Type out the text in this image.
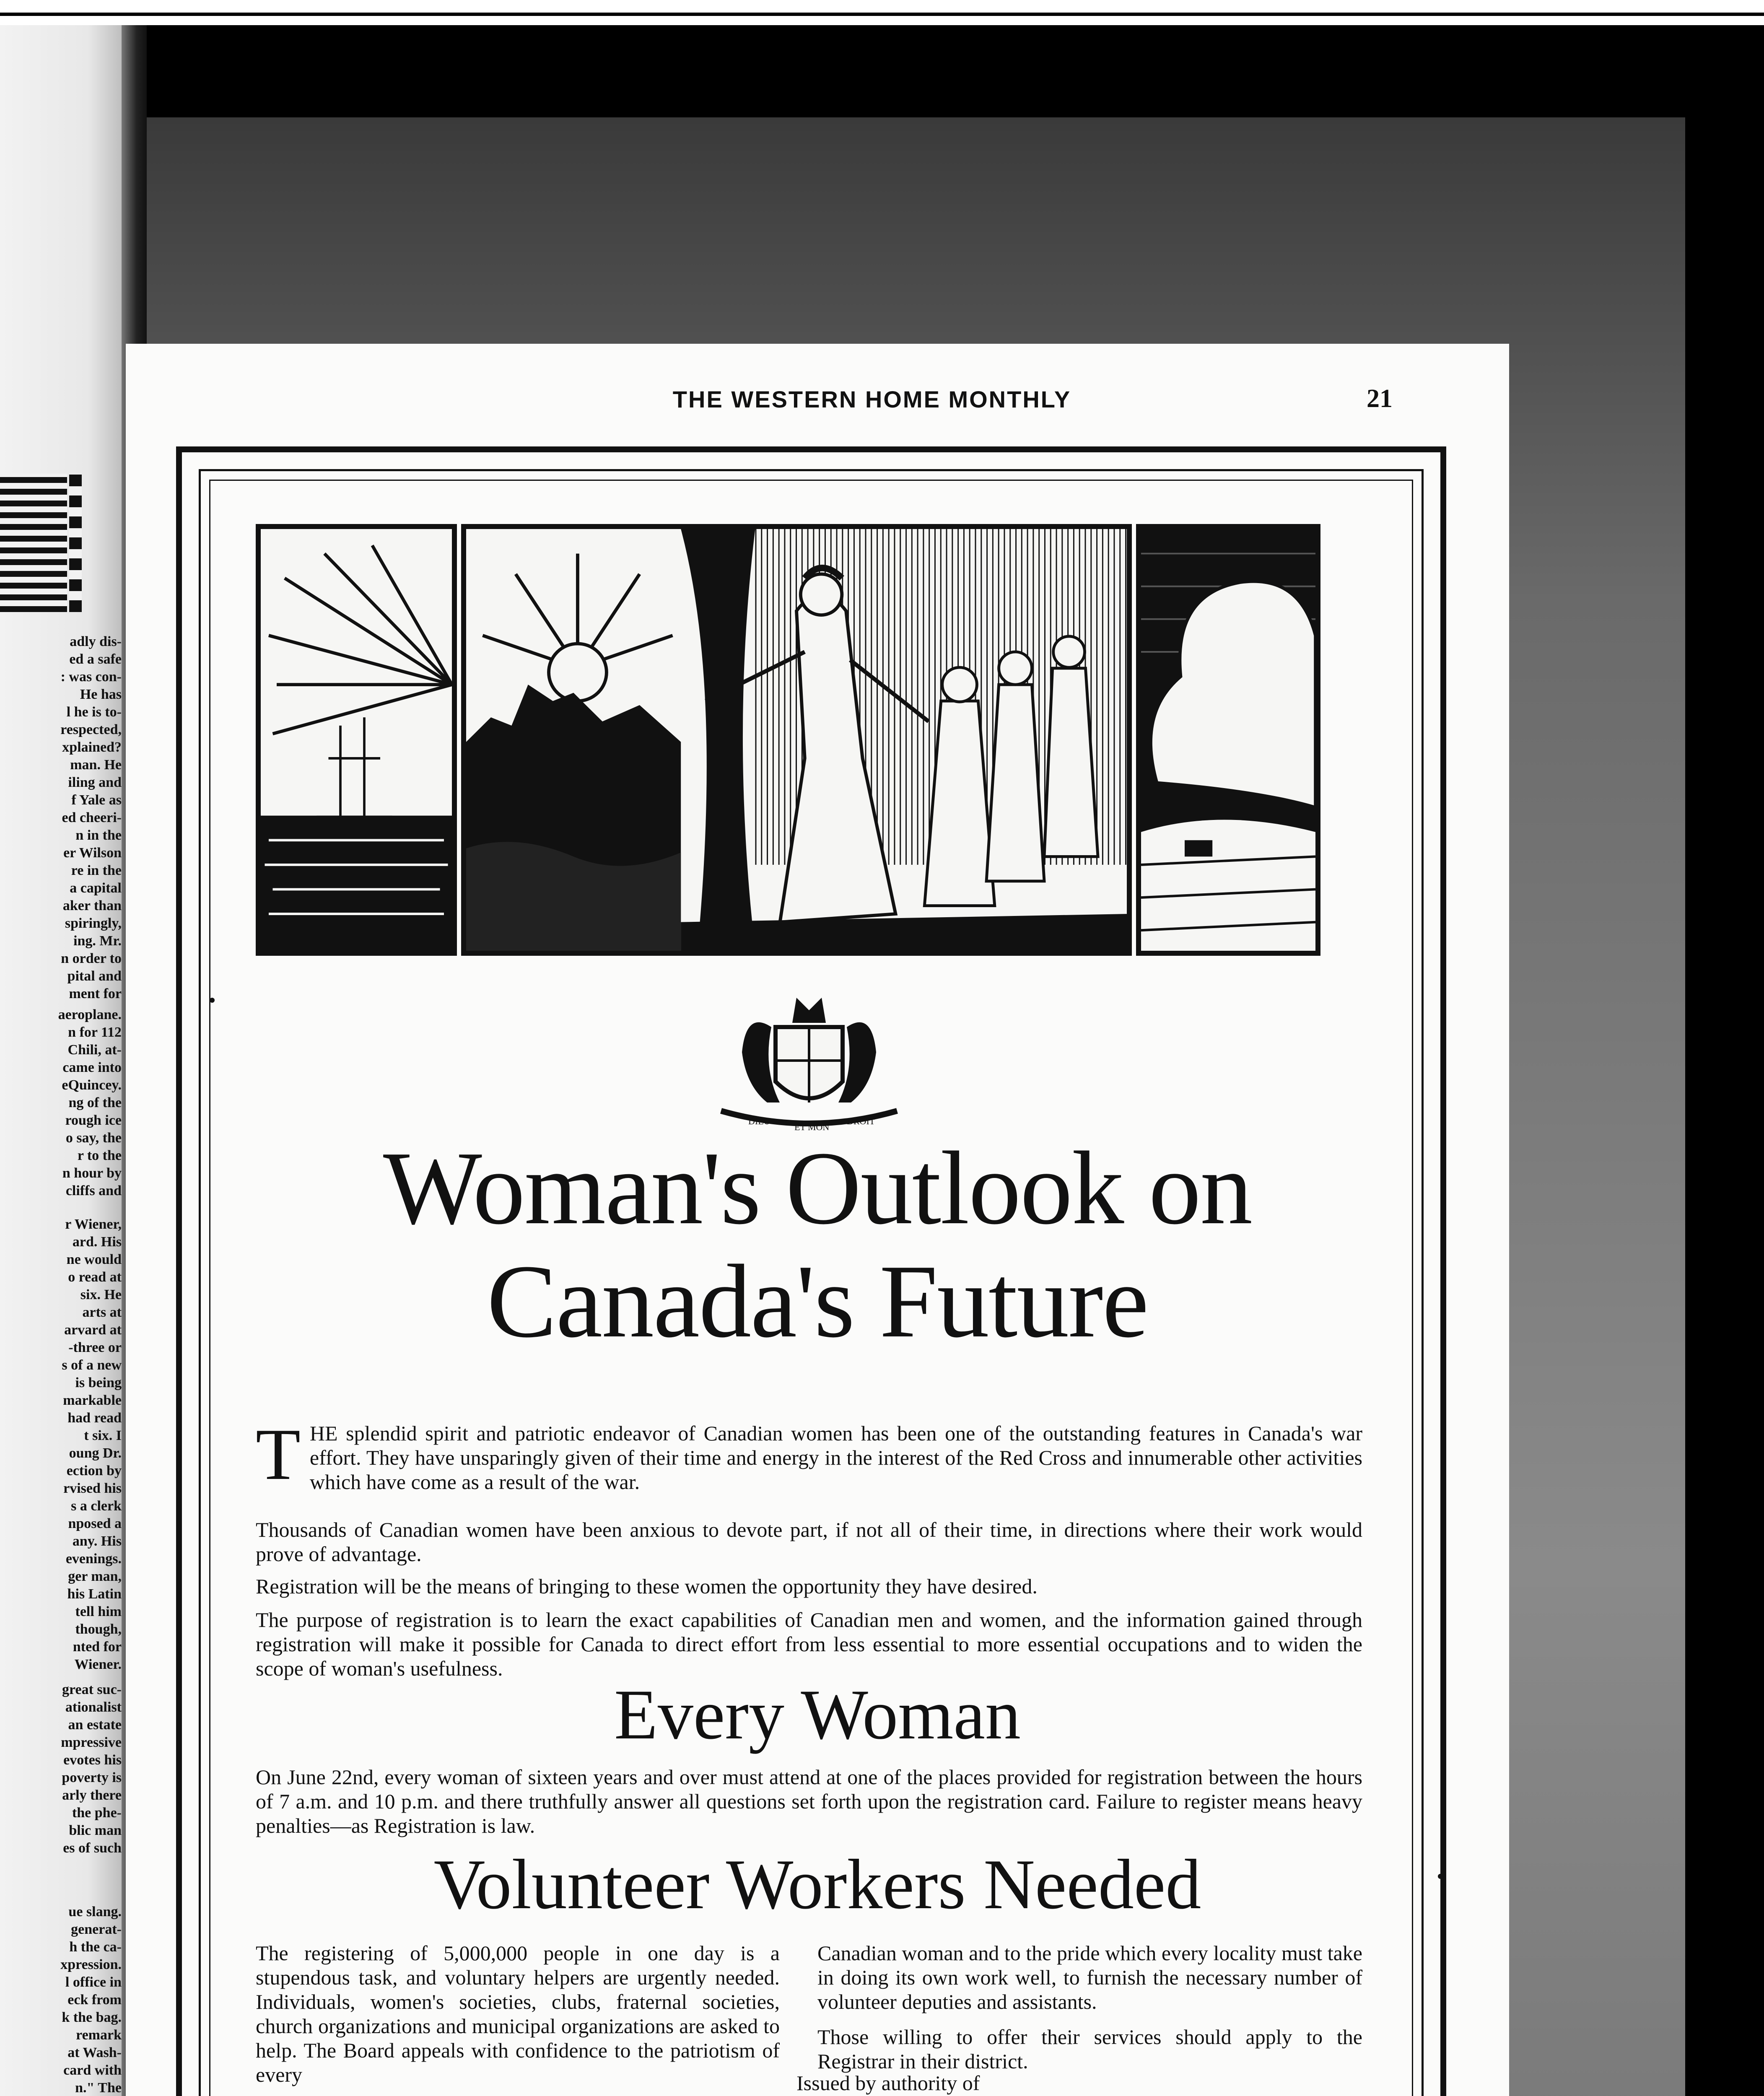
adly dis-
ed a safe
: was con-
He has
l he is to-
respected,
xplained?
man. He
iling and
f Yale as
ed cheeri-
n in the
er Wilson
re in the
a capital
aker than
spiringly,
ing. Mr.
n order to
pital and
ment for
aeroplane.
n for 112
Chili, at-
came into
eQuincey.
ng of the
rough ice
o say, the
r to the
n hour by
cliffs and
r Wiener,
ard. His
ne would
o read at
six. He
arts at
arvard at
-three or
s of a new
is being
markable
had read
t six. I
oung Dr.
ection by
rvised his
s a clerk
nposed a
any. His
evenings.
ger man,
his Latin
tell him
though,
nted for
Wiener.
great suc-
ationalist
an estate
mpressive
evotes his
poverty is
arly there
the phe-
blic man
es of such
ue slang.
generat-
h the ca-
xpression.
l office in
eck from
k the bag.
remark
at Wash-
card with
n." The

THE WESTERN HOME MONTHLY	21
DIEU
ET MON
DROIT
Woman's Outlook on
Canada's Future
T HE splendid spirit and patriotic endeavor of Canadian women has been one of the outstanding features in Canada's war effort. They have unsparingly given of their time and energy in the interest of the Red Cross and innumerable other activities which have come as a result of the war.
Thousands of Canadian women have been anxious to devote part, if not all of their time, in directions where their work would prove of advantage.
Registration will be the means of bringing to these women the opportunity they have desired.
The purpose of registration is to learn the exact capabilities of Canadian men and women, and the information gained through registration will make it possible for Canada to direct effort from less essential to more essential occupations and to widen the scope of woman's usefulness.
Every Woman
On June 22nd, every woman of sixteen years and over must attend at one of the places provided for registration between the hours of 7 a.m. and 10 p.m. and there truthfully answer all questions set forth upon the registration card. Failure to register means heavy penalties—as Registration is law.
Volunteer Workers Needed
The registering of 5,000,000 people in one day is a stupendous task, and voluntary helpers are urgently needed. Individuals, women's societies, clubs, fraternal societies, church organizations and municipal organizations are asked to help. The Board appeals with confidence to the patriotism of every
Canadian woman and to the pride which every locality must take in doing its own work well, to furnish the necessary number of volunteer deputies and assistants.
Those willing to offer their services should apply to the Registrar in their district.
Issued by authority of
